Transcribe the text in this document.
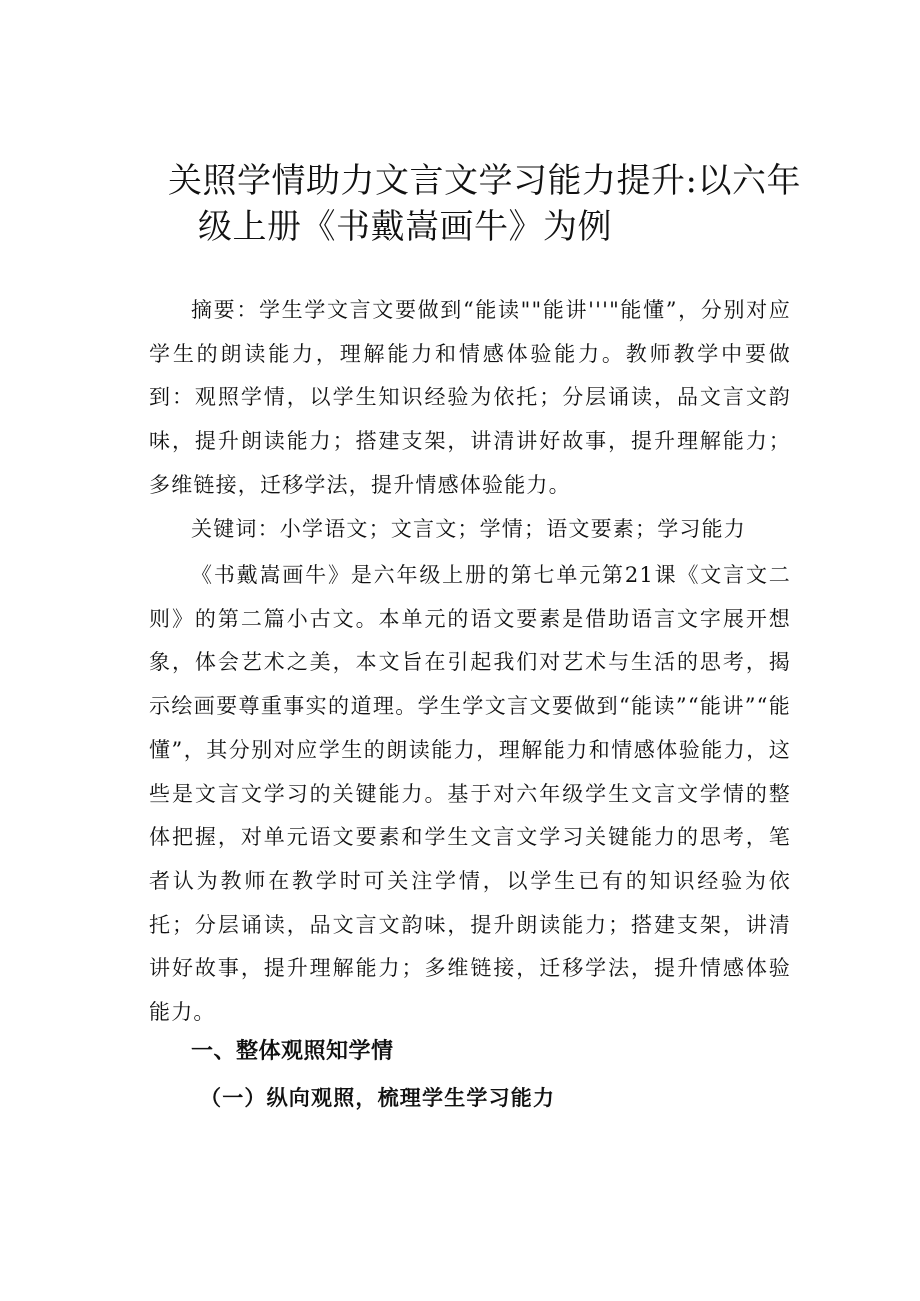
关照学情助力文言文学习能力提升:以六年
级上册《书戴嵩画牛》为例

摘要：学生学文言文要做到“能读""能讲'''"能懂”，分别对应学生的朗读能力，理解能力和情感体验能力。教师教学中要做到：观照学情，以学生知识经验为依托；分层诵读，品文言文韵味，提升朗读能力；搭建支架，讲清讲好故事，提升理解能力；多维链接，迁移学法，提升情感体验能力。

关键词：小学语文；文言文；学情；语文要素；学习能力

《书戴嵩画牛》是六年级上册的第七单元第21课《文言文二则》的第二篇小古文。本单元的语文要素是借助语言文字展开想象，体会艺术之美，本文旨在引起我们对艺术与生活的思考，揭示绘画要尊重事实的道理。学生学文言文要做到“能读”“能讲”“能懂”，其分别对应学生的朗读能力，理解能力和情感体验能力，这些是文言文学习的关键能力。基于对六年级学生文言文学情的整体把握，对单元语文要素和学生文言文学习关键能力的思考，笔者认为教师在教学时可关注学情，以学生已有的知识经验为依托；分层诵读，品文言文韵味，提升朗读能力；搭建支架，讲清讲好故事，提升理解能力；多维链接，迁移学法，提升情感体验能力。

一、整体观照知学情
（一）纵向观照，梳理学生学习能力
